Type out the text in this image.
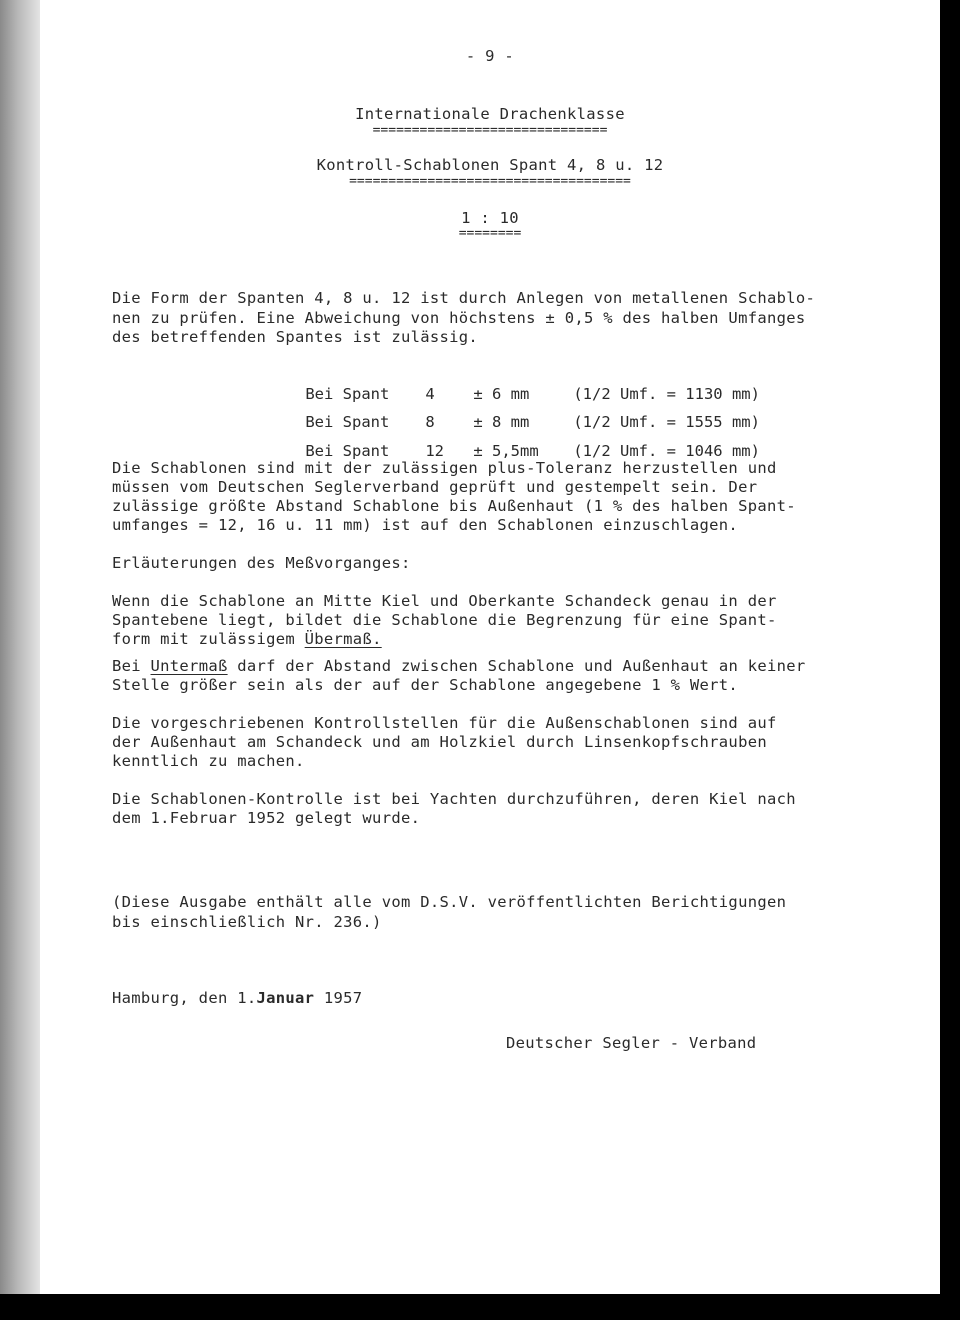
- 9 -
Internationale Drachenklasse
==============================
Kontroll-Schablonen Spant 4, 8 u. 12
====================================
1 : 10
========
Die Form der Spanten 4, 8 u. 12 ist durch Anlegen von metallenen Schablo-
nen zu prüfen. Eine Abweichung von höchstens ± 0,5 % des halben Umfanges
des betreffenden Spantes ist zulässig.

Bei Spant 4 ± 6 mm	(1/2 Umf. = 1130 mm)

Bei Spant 8 ± 8 mm	(1/2 Umf. = 1555 mm)

Bei Spant 12 ± 5,5mm (1/2 Umf. = 1046 mm)

Die Schablonen sind mit der zulässigen plus-Toleranz herzustellen und
müssen vom Deutschen Seglerverband geprüft und gestempelt sein. Der
zulässige größte Abstand Schablone bis Außenhaut (1 % des halben Spant-
umfanges = 12, 16 u. 11 mm) ist auf den Schablonen einzuschlagen.
Erläuterungen des Meßvorganges:
Wenn die Schablone an Mitte Kiel und Oberkante Schandeck genau in der
Spantebene liegt, bildet die Schablone die Begrenzung für eine Spant-
form mit zulässigem Übermaß.
Bei Untermaß darf der Abstand zwischen Schablone und Außenhaut an keiner
Stelle größer sein als der auf der Schablone angegebene 1 % Wert.
Die vorgeschriebenen Kontrollstellen für die Außenschablonen sind auf
der Außenhaut am Schandeck und am Holzkiel durch Linsenkopfschrauben
kenntlich zu machen.
Die Schablonen-Kontrolle ist bei Yachten durchzuführen, deren Kiel nach
dem 1.Februar 1952 gelegt wurde.
(Diese Ausgabe enthält alle vom D.S.V. veröffentlichten Berichtigungen
bis einschließlich Nr. 236.)
Hamburg, den 1.Januar 1957
Deutscher Segler - Verband
